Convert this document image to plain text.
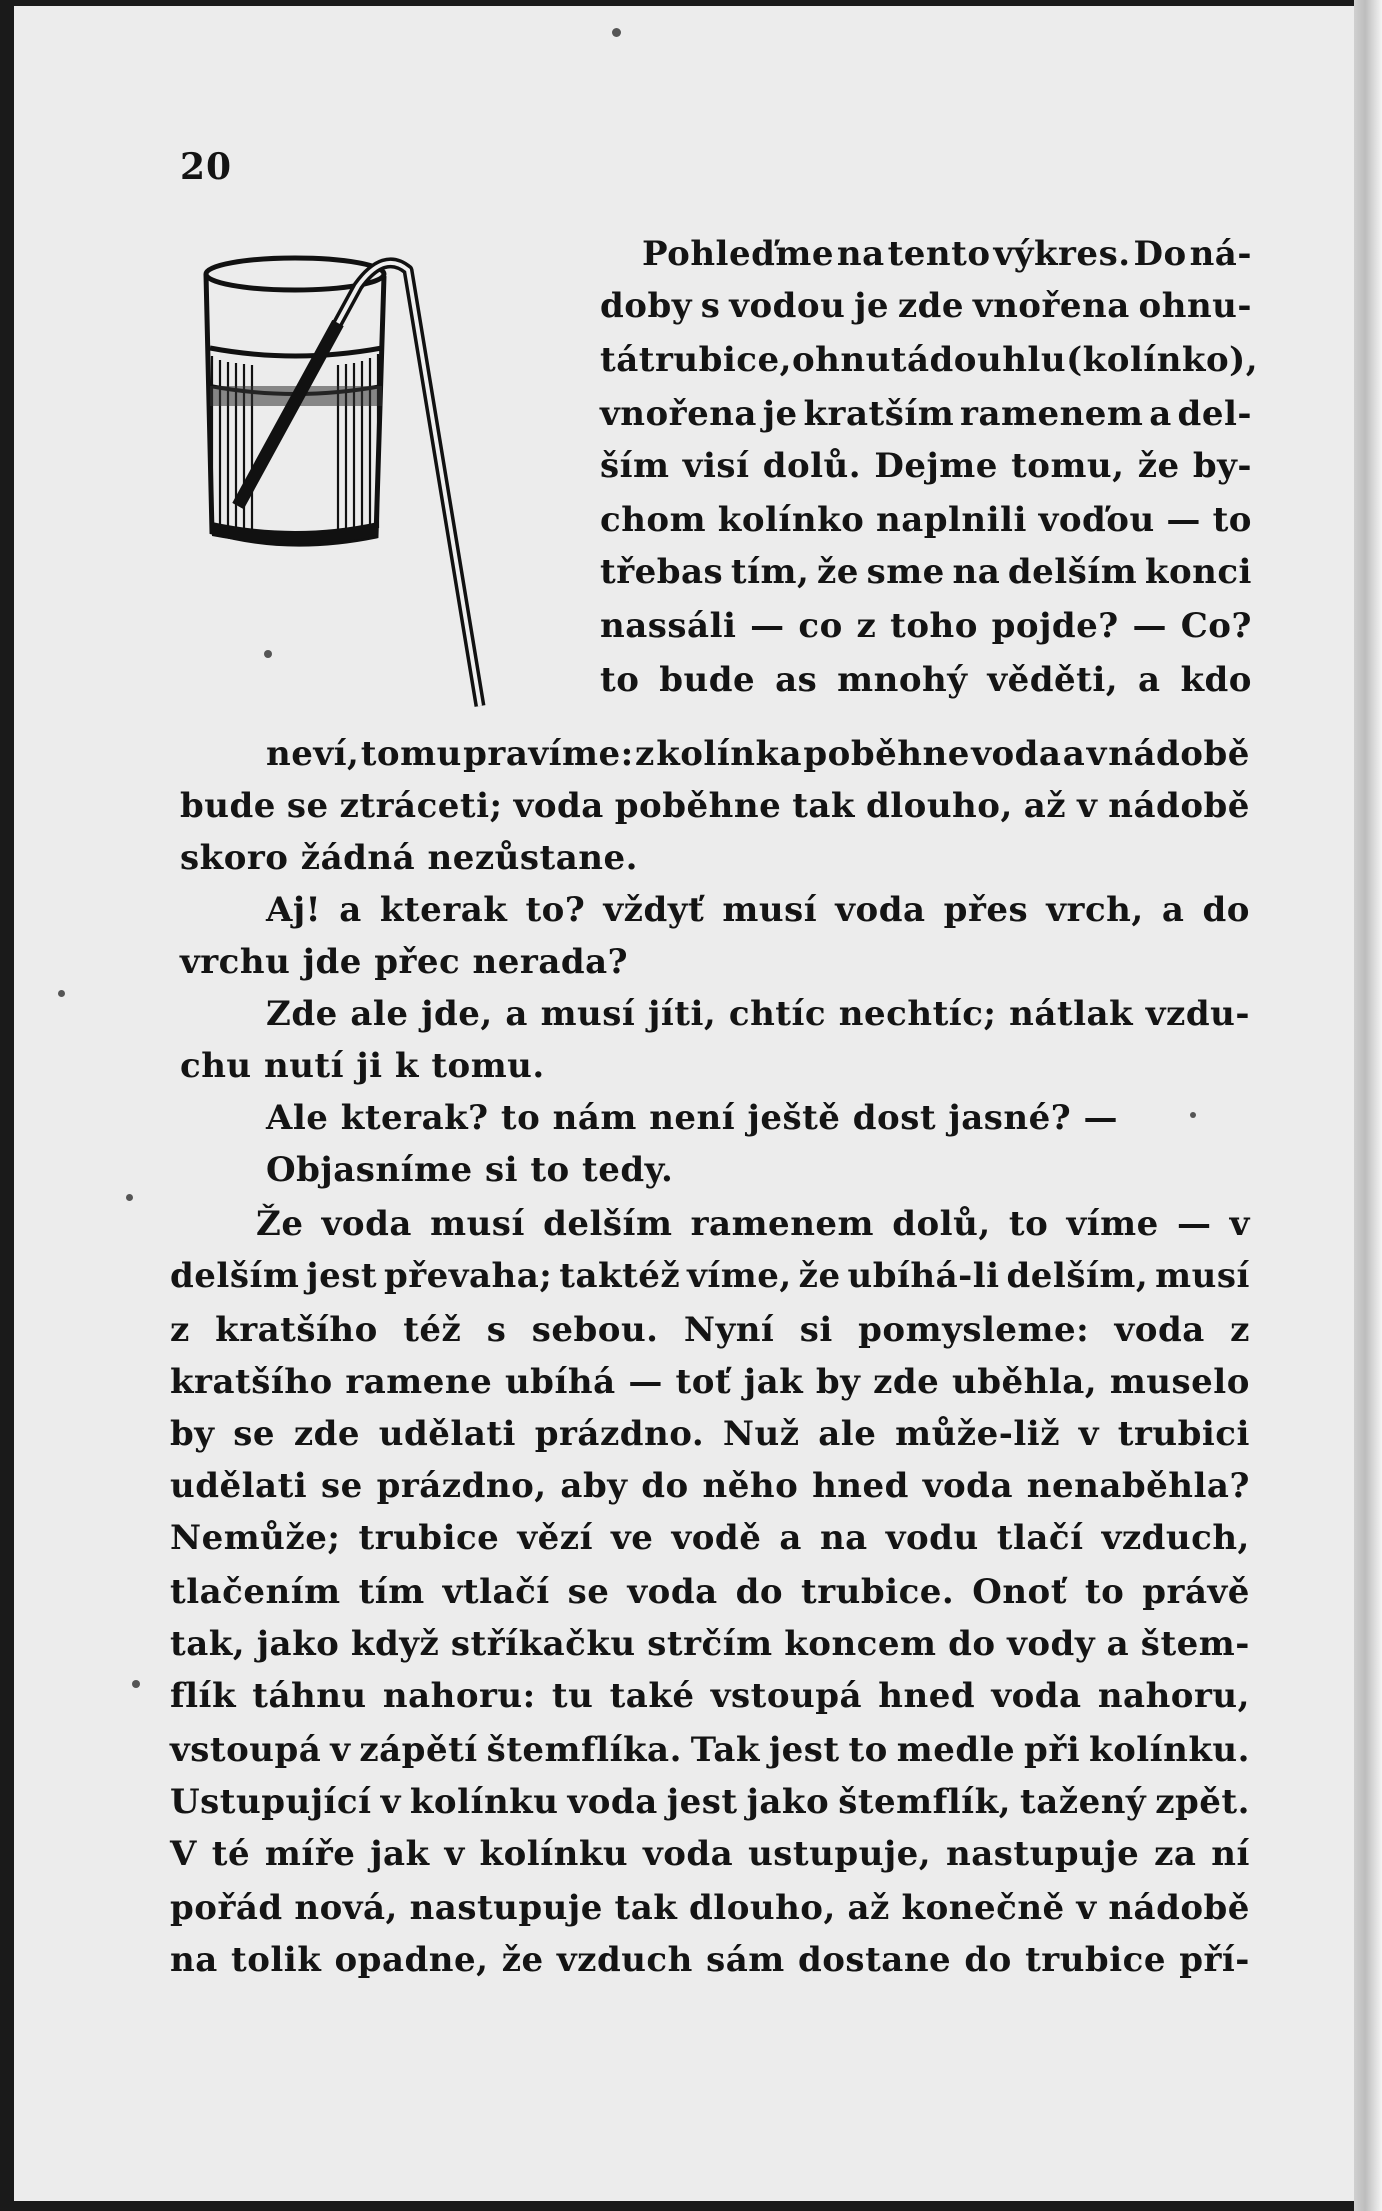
20
Pohleďme na tento výkres. Do ná-
doby s vodou je zde vnořena ohnu-
tá trubice, ohnutá do uhlu (kolínko),
vnořena je kratším ramenem a del-
ším visí dolů. Dejme tomu, že by-
chom kolínko naplnili voďou — to
třebas tím, že sme na delším konci
nassáli — co z toho pojde? — Co?
to bude as mnohý věděti, a kdo
neví, tomu pravíme: z kolínka poběhne voda a v nádobě
bude se ztráceti; voda poběhne tak dlouho, až v nádobě
skoro žádná nezůstane.
Aj! a kterak to? vždyť musí voda přes vrch, a do
vrchu jde přec nerada?
Zde ale jde, a musí jíti, chtíc nechtíc; nátlak vzdu-
chu nutí ji k tomu.
Ale kterak? to nám není ještě dost jasné? —
Objasníme si to tedy.
Že voda musí delším ramenem dolů, to víme — v
delším jest převaha; taktéž víme, že ubíhá-li delším, musí
z kratšího též s sebou. Nyní si pomysleme: voda z
kratšího ramene ubíhá — toť jak by zde uběhla, muselo
by se zde udělati prázdno. Nuž ale může-liž v trubici
udělati se prázdno, aby do něho hned voda nenaběhla?
Nemůže; trubice vězí ve vodě a na vodu tlačí vzduch,
tlačením tím vtlačí se voda do trubice. Onoť to právě
tak, jako když stříkačku strčím koncem do vody a štem-
flík táhnu nahoru: tu také vstoupá hned voda nahoru,
vstoupá v zápětí štemflíka. Tak jest to medle při kolínku.
Ustupující v kolínku voda jest jako štemflík, tažený zpět.
V té míře jak v kolínku voda ustupuje, nastupuje za ní
pořád nová, nastupuje tak dlouho, až konečně v nádobě
na tolik opadne, že vzduch sám dostane do trubice pří-
